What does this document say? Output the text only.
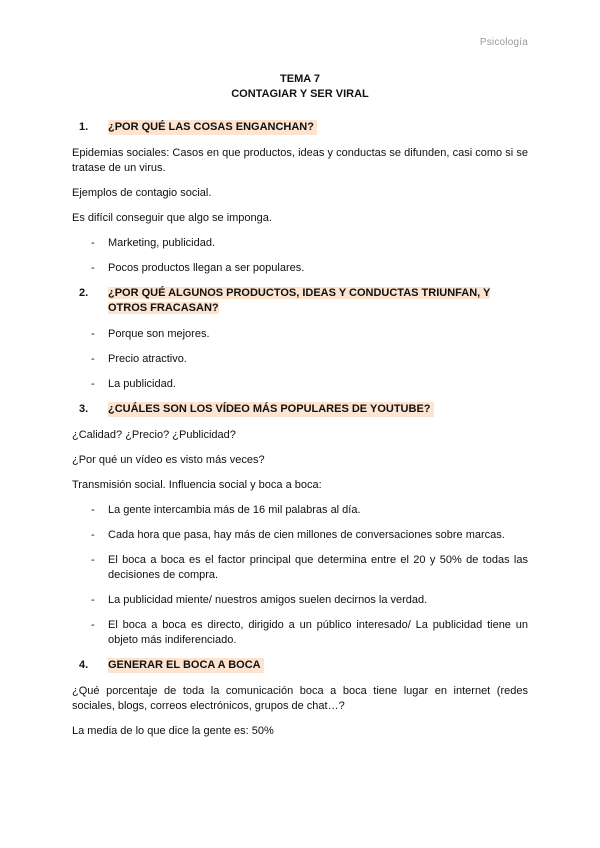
Psicología
TEMA 7
CONTAGIAR Y SER VIRAL
1.	¿POR QUÉ LAS COSAS ENGANCHAN?

Epidemias sociales: Casos en que productos, ideas y conductas se difunden, casi como si se tratase de un virus.

Ejemplos de contagio social.

Es difícil conseguir que algo se imponga.

-	Marketing, publicidad.
-	Pocos productos llegan a ser populares.
2.	¿POR QUÉ ALGUNOS PRODUCTOS, IDEAS Y CONDUCTAS TRIUNFAN, Y
OTROS FRACASAN?
-	Porque son mejores.
-	Precio atractivo.
-	La publicidad.
3.	¿CUÁLES SON LOS VÍDEO MÁS POPULARES DE YOUTUBE?

¿Calidad? ¿Precio? ¿Publicidad?

¿Por qué un vídeo es visto más veces?

Transmisión social. Influencia social y boca a boca:

-	La gente intercambia más de 16 mil palabras al día.
-	Cada hora que pasa, hay más de cien millones de conversaciones sobre marcas.
-	El boca a boca es el factor principal que determina entre el 20 y 50% de todas las decisiones de compra.
-	La publicidad miente/ nuestros amigos suelen decirnos la verdad.
-	El boca a boca es directo, dirigido a un público interesado/ La publicidad tiene un objeto más indiferenciado.
4.	GENERAR EL BOCA A BOCA

¿Qué porcentaje de toda la comunicación boca a boca tiene lugar en internet (redes sociales, blogs, correos electrónicos, grupos de chat…?

La media de lo que dice la gente es: 50%
